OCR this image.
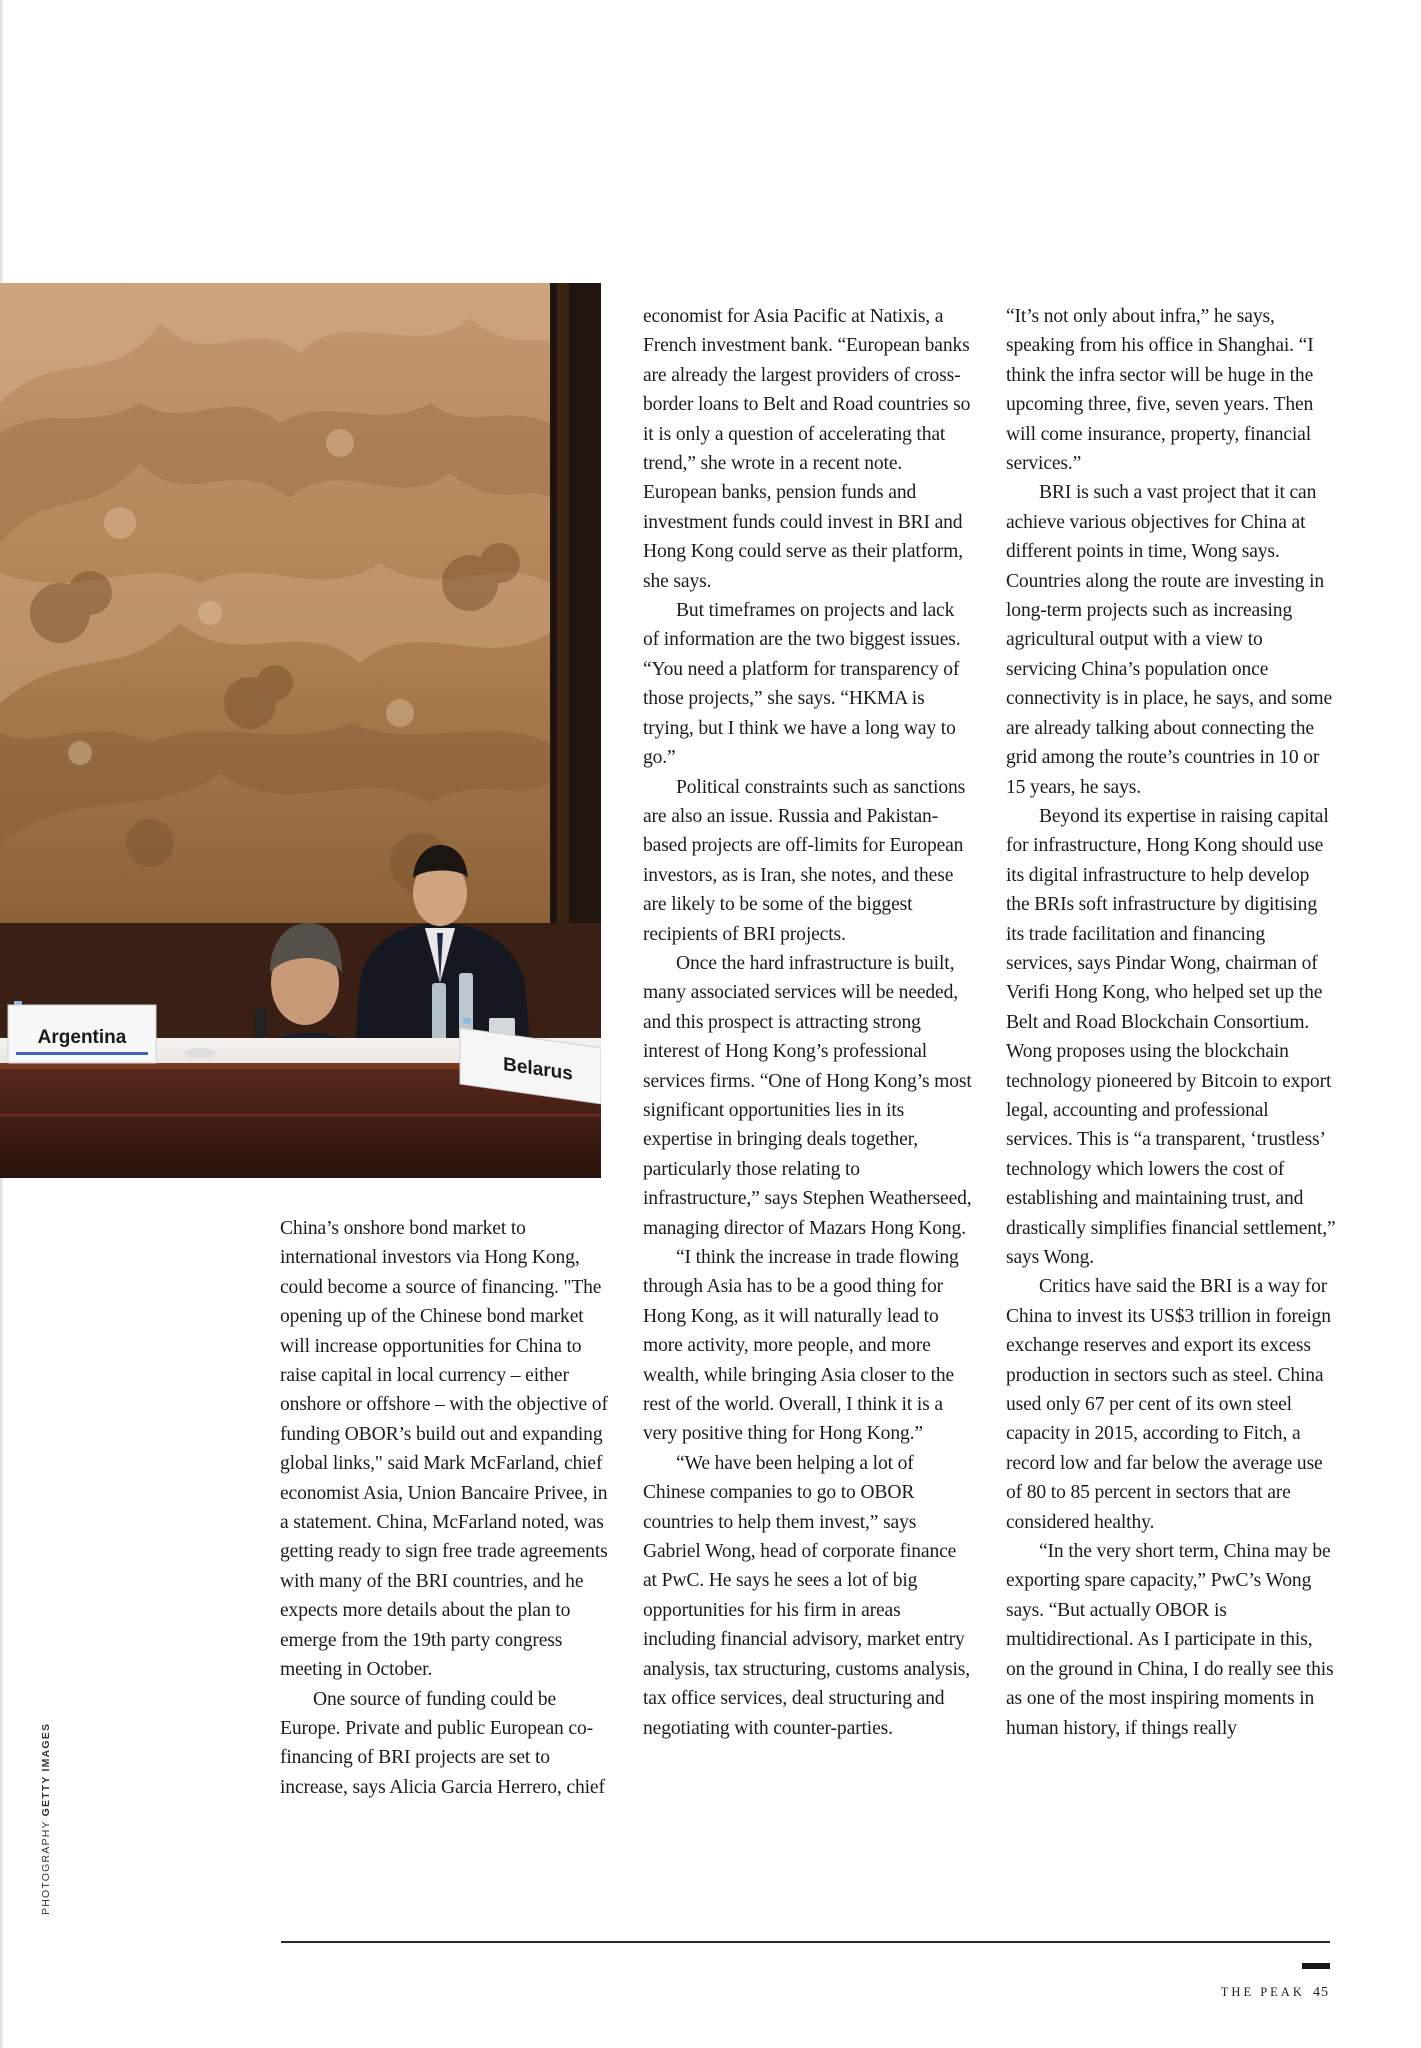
Argentina
Belarus

China’s onshore bond market to international investors via Hong Kong, could become a source of financing. "The opening up of the Chinese bond market will increase opportunities for China to raise capital in local currency – either onshore or offshore – with the objective of funding OBOR’s build out and expanding global links," said Mark McFarland, chief economist Asia, Union Bancaire Privee, in a statement. China, McFarland noted, was getting ready to sign free trade agreements with many of the BRI countries, and he expects more details about the plan to emerge from the 19th party congress meeting in October.

One source of funding could be Europe. Private and public European co-financing of BRI projects are set to increase, says Alicia Garcia Herrero, chief

economist for Asia Pacific at Natixis, a French investment bank. “European banks are already the largest providers of cross-border loans to Belt and Road countries so it is only a question of accelerating that trend,” she wrote in a recent note. European banks, pension funds and investment funds could invest in BRI and Hong Kong could serve as their platform, she says.

But timeframes on projects and lack of information are the two biggest issues. “You need a platform for transparency of those projects,” she says. “HKMA is trying, but I think we have a long way to go.”

Political constraints such as sanctions are also an issue. Russia and Pakistan-based projects are off-limits for European investors, as is Iran, she notes, and these are likely to be some of the biggest recipients of BRI projects.

Once the hard infrastructure is built, many associated services will be needed, and this prospect is attracting strong interest of Hong Kong’s professional services firms. “One of Hong Kong’s most significant opportunities lies in its expertise in bringing deals together, particularly those relating to infrastructure,” says Stephen Weatherseed, managing director of Mazars Hong Kong.

“I think the increase in trade flowing through Asia has to be a good thing for Hong Kong, as it will naturally lead to more activity, more people, and more wealth, while bringing Asia closer to the rest of the world. Overall, I think it is a very positive thing for Hong Kong.”

“We have been helping a lot of Chinese companies to go to OBOR countries to help them invest,” says Gabriel Wong, head of corporate finance at PwC. He says he sees a lot of big opportunities for his firm in areas including financial advisory, market entry analysis, tax structuring, customs analysis, tax office services, deal structuring and negotiating with counter-parties.

“It’s not only about infra,” he says, speaking from his office in Shanghai. “I think the infra sector will be huge in the upcoming three, five, seven years. Then will come insurance, property, financial services.”

BRI is such a vast project that it can achieve various objectives for China at different points in time, Wong says. Countries along the route are investing in long-term projects such as increasing agricultural output with a view to servicing China’s population once connectivity is in place, he says, and some are already talking about connecting the grid among the route’s countries in 10 or 15 years, he says.

Beyond its expertise in raising capital for infrastructure, Hong Kong should use its digital infrastructure to help develop the BRIs soft infrastructure by digitising its trade facilitation and financing services, says Pindar Wong, chairman of Verifi Hong Kong, who helped set up the Belt and Road Blockchain Consortium. Wong proposes using the blockchain technology pioneered by Bitcoin to export legal, accounting and professional services. This is “a transparent, ‘trustless’ technology which lowers the cost of establishing and maintaining trust, and drastically simplifies financial settlement,” says Wong.

Critics have said the BRI is a way for China to invest its US$3 trillion in foreign exchange reserves and export its excess production in sectors such as steel. China used only 67 per cent of its own steel capacity in 2015, according to Fitch, a record low and far below the average use of 80 to 85 percent in sectors that are considered healthy.

“In the very short term, China may be exporting spare capacity,” PwC’s Wong says. “But actually OBOR is multidirectional. As I participate in this, on the ground in China, I do really see this as one of the most inspiring moments in human history, if things really

PHOTOGRAPHY GETTY IMAGES
THE PEAK 45
